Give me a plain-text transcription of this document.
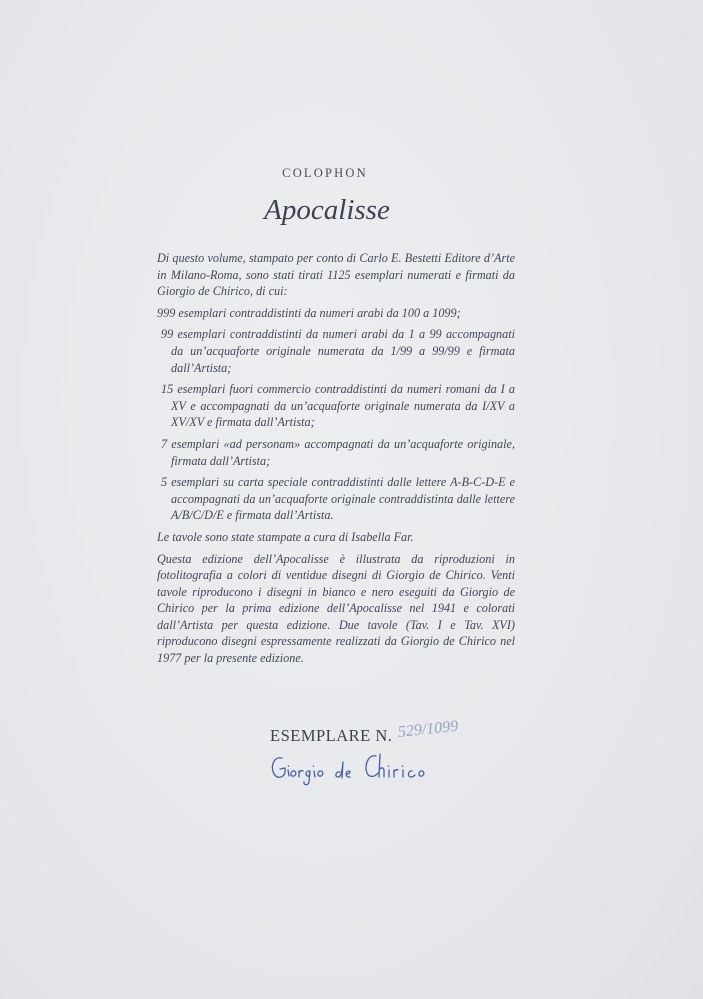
COLOPHON
Apocalisse

Di questo volume, stampato per conto di Carlo E. Bestetti Editore d’Arte in Milano-Roma, sono stati tirati 1125 esemplari numerati e firmati da Giorgio de Chirico, di cui:

999 esemplari contraddistinti da numeri arabi da 100 a 1099;

99 esemplari contraddistinti da numeri arabi da 1 a 99 accompagnati da un’acquaforte originale numerata da 1/99 a 99/99 e firmata dall’Artista;

15 esemplari fuori commercio contraddistinti da numeri romani da I a XV e accompagnati da un’acquaforte originale numerata da I/XV a XV/XV e firmata dall’Artista;

7 esemplari «ad personam» accompagnati da un’acquaforte originale, firmata dall’Artista;

5 esemplari su carta speciale contraddistinti dalle lettere A-B-C-D-E e accompagnati da un’acquaforte originale contraddistinta dalle lettere A/B/C/D/E e firmata dall’Artista.

Le tavole sono state stampate a cura di Isabella Far.

Questa edizione dell’Apocalisse è illustrata da riproduzioni in fotolitografia a colori di ventidue disegni di Giorgio de Chirico. Venti tavole riproducono i disegni in bianco e nero eseguiti da Giorgio de Chirico per la prima edizione dell’Apocalisse nel 1941 e colorati dall’Artista per questa edizione. Due tavole (Tav. I e Tav. XVI) riproducono disegni espressamente realizzati da Giorgio de Chirico nel 1977 per la presente edizione.

ESEMPLARE N. 529/1099
